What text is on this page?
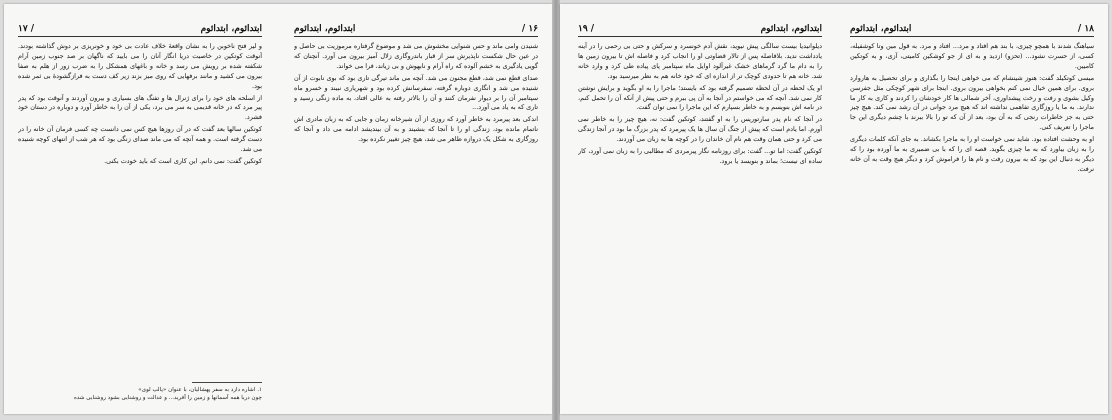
ابتدائوم، ابتدائوم
/ ۱۷

و لیر فتح ناخوبن را به نشان واقعهٔ خلاف عادت بی خود و خونریزی بر دوش گذاشته بودند. آنوقت کوتکین در خاصیت دریا انگار آنان را می بایید که ناگهان بر صد جنوب زمین آرام شکفته شده بر رویش می رسد و خانه و باغهای همشکل را به ضرب زور از هلم به صفا بیرون می کشید و مانند برفهایی که روی میز بزند زیر کف دست به فرازگشودهٔ بی ثمر شده بود.

از اسلحه های خود را برای ژنرال ها و تفنگ های بسیاری و بیرون آوردند و آنوقت بود که پدر پیر مرد که در خانه قدیمی به سر می برد، یکی از آن را به خاطر آورد و دوباره در دستان خود فشرد.

کوتکین سالها بعد گفت که در آن روزها هیچ کس نمی دانست چه کسی فرمان آن خانه را در دست گرفته است. و همه آنچه که می ماند صدای زنگی بود که هر شب از انتهای کوچه شنیده می شد.

کوتکین گفت: نمی دانم. این کاری است که باید خودت بکنی.

۱. اشاره دارد به سفر پهشالیان، با عنوان «پالپ لوی»
چون دریا همه آسمانها و زمین را آفرید... و عدالت و روشنایی بشود روشنایی شده
۱۶ /
ابتدائوم، ابتدائوم

شنیدن وامی ماند و حس شنوایی مخشوش می شد و موضوع گرفتاره مرموزیت بی حاصل و در عین حال شکست ناپذیرش سر از قبار باندروگاری زلال آمیز بیرون می آورد. آنچنان که گویی یادگیری به خشم آلوده که راه آرام و نابهوش و بی زیاند، فرا می خواند.

صدای قطع نمی شد، قطع مجنون می شد. آنچه می ماند تیرگی تاری بود که بوی نابوت از آن شنیده می شد و انگاری دوباره گرفته، سفرسانش کرده بود و شهریاری نبیند و خسرو ماه سپتامبر آن را بر دیوار نفرمان کنند و آن را بالاتر رفته به عالی افتاد، به ماده زنگی رسید و تاری که به یاد می آورد...

اندکی بعد پیرمرد به خاطر آورد که روزی از آن شیرخانه زمان و جایی که به زبان مادری اش ناتمام مانده بود، زندگی او را تا آنجا که بنشیند و به آن بیندیشد ادامه می داد و آنجا که روزگاری به شکل یک دروازه ظاهر می شد، هیچ چیز تغییر نکرده بود.

ابتدائوم، ابتدائوم
/ ۱۹

دیلوانیدیا بیست سالگی پیش نیوید، نقش آدم خونسرد و سرکش و حتی بی رحمی را در آینه یادداشت ندید. بلافاصله پس از تالار قضاوتی او را انجاب کرد و فاصله اش تا بیرون زمین ها را به دام ما گرد گرماهای خشک غیرآلود اوایل ماه سپتامبر پای پیاده طی کرد و وارد خانه شد. خانه هم تا حدودی کوچک تر از اندازه ای که خود خانه هم به نظر میرسید بود.

او یک لحظه در آن لحظه تصمیم گرفته بود که بایستد؛ ماجرا را به او بگوید و برایش نوشتن کار نمی شد. آنچه که می خواستم در آنجا به آن پی ببرم و حتی پیش از آنکه آن را تحمل کنم، در نامه اش بنویسم و به خاطر بسپارم که این ماجرا را نمی توان گفت.

در آنجا که نام پدر سارتوریس را به او گفتند، کوتکین گفت: نه، هیچ چیز را به خاطر نمی آورم. اما یادم است که پیش از جنگ آن سال ها یک پیرمرد که پدر بزرگ ما بود در آنجا زندگی می کرد و حتی همان وقت هم نام آن خاندان را در کوچه ها به زبان می آوردند.

کوتکین گفت: اما تو... گفت: برای روزنامه نگار پیرمردی که مطالبی را به زبان نمی آورد، کار ساده ای نیست؛ بماند و بنویسد یا برود.

۱۸ /
ابتدائوم، ابتدائوم

سیاهنگ شدند با همچو چیزی، با بند هم افتاد و مرد... افتاد و مرد. به قول مین وتا کوشفیله، کسی، از حسرت نشود... (تحزو) ازدید و به ای از جو کوشکین کامیتی، آزی، و به کوتکین کامیین.

میسی کوتکیلد گفت: هنوز شینشام که می خواهی اینجا را بگذاری و برای تحصیل به هاروارد بروی. برای همین خیال نمی کنم بخواهی بیرون بروی. اینجا برای شهر کوچکی مثل جفرسن وکیل بشوی و رفت و رخت پیشداوری، آخر شمالی ها کار خودشان را کردند و کاری به کار ما ندارند. به ما یا روزگاری تفاهمی نداشته اند که هیچ مرد جوانی در آن رشد نمی کند. هیچ چیز حتی به جز خاطرات رنجی که به آن بود، بعد از آن که تو را بالا ببرند با چشم دیگری این جا ماجرا را تعریف کنی.

او به وحشت افتاده بود. شاید نمی خواست او را به ماجرا بکشاند. به جای آنکه کلمات دیگری را به زبان بیاورد که به ما چیزی بگوید. قصه ای را که با بی ضمیری به ما آورده بود را که دیگر به دنبال این بود که به بیرون رفت و نام ها را فراموش کرد و دیگر هیچ وقت به آن خانه نرفت.
